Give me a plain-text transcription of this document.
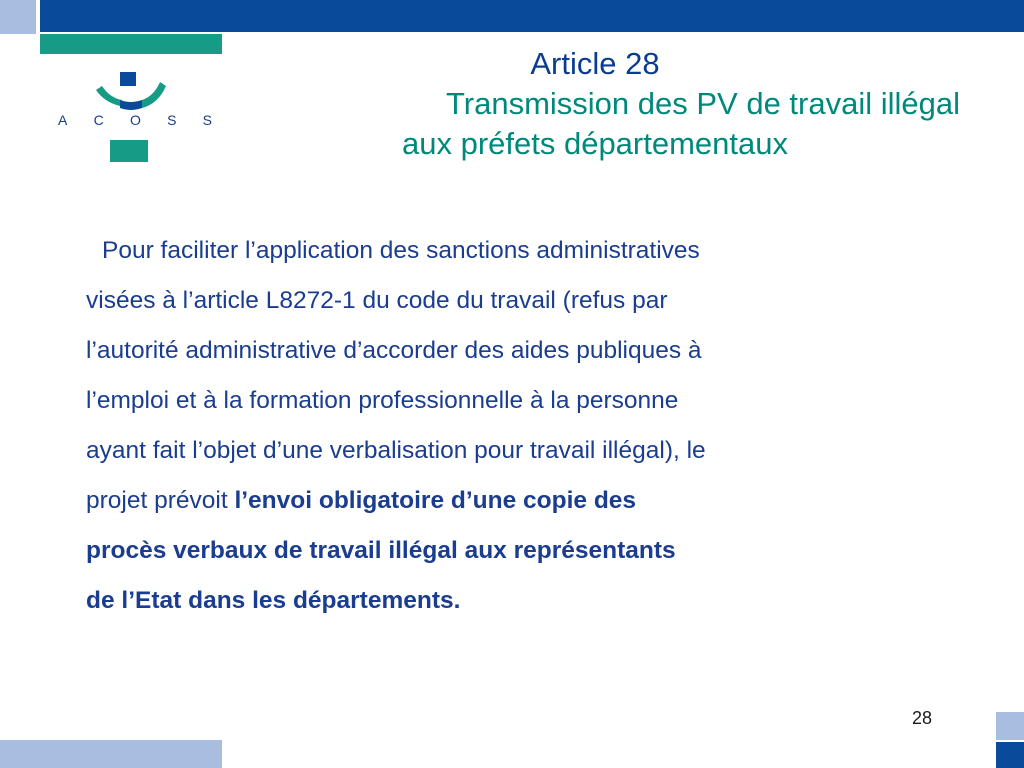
A C O S S
Article 28
Transmission des PV de travail illégal
aux préfets départementaux
Pour faciliter l’application des sanctions administratives
visées à l’article L8272-1 du code du travail (refus par
l’autorité administrative d’accorder des aides publiques à
l’emploi et à la formation professionnelle à la personne
ayant fait l’objet d’une verbalisation pour travail illégal), le
projet prévoit l’envoi obligatoire d’une copie des
procès verbaux de travail illégal aux représentants
de l’Etat dans les départements.
28
